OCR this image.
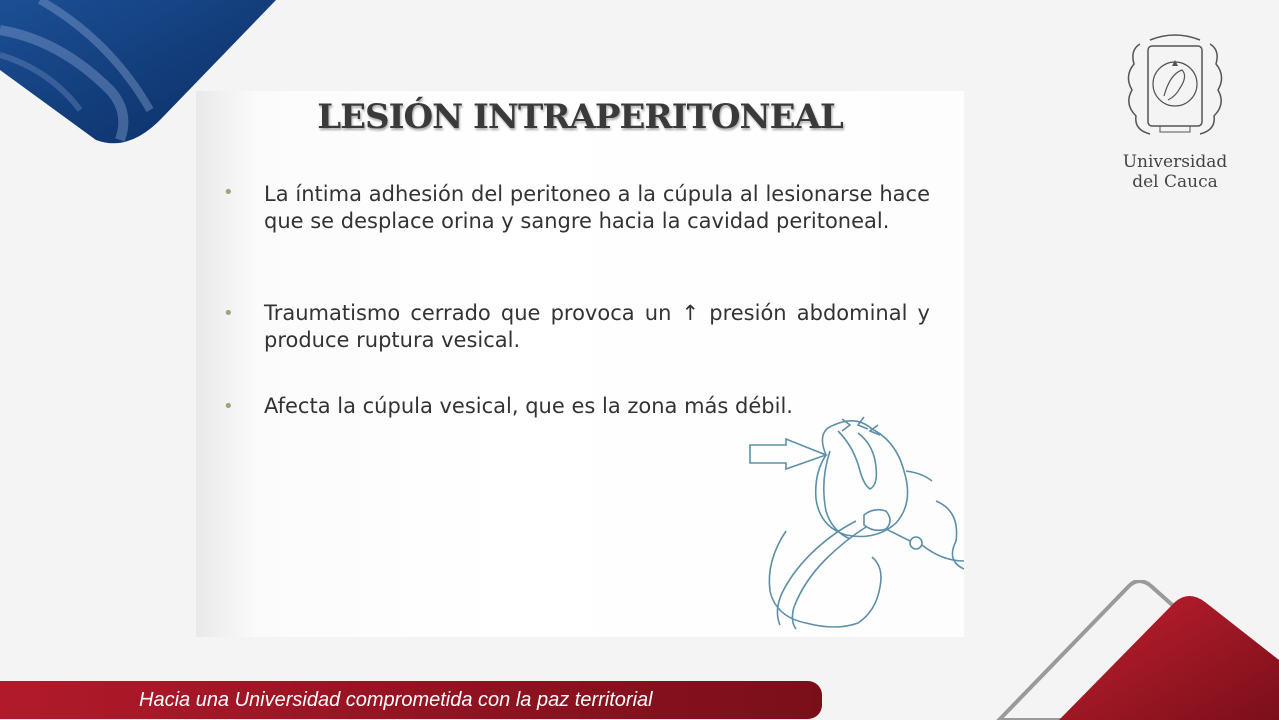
Universidad
del Cauca
LESIÓN INTRAPERITONEAL
• La íntima adhesión del peritoneo a la cúpula al lesionarse hace que se desplace orina y sangre hacia la cavidad peritoneal.
• Traumatismo cerrado que provoca un ↑ presión abdominal y produce ruptura vesical.
• Afecta la cúpula vesical, que es la zona más débil.
Hacia una Universidad comprometida con la paz territorial
